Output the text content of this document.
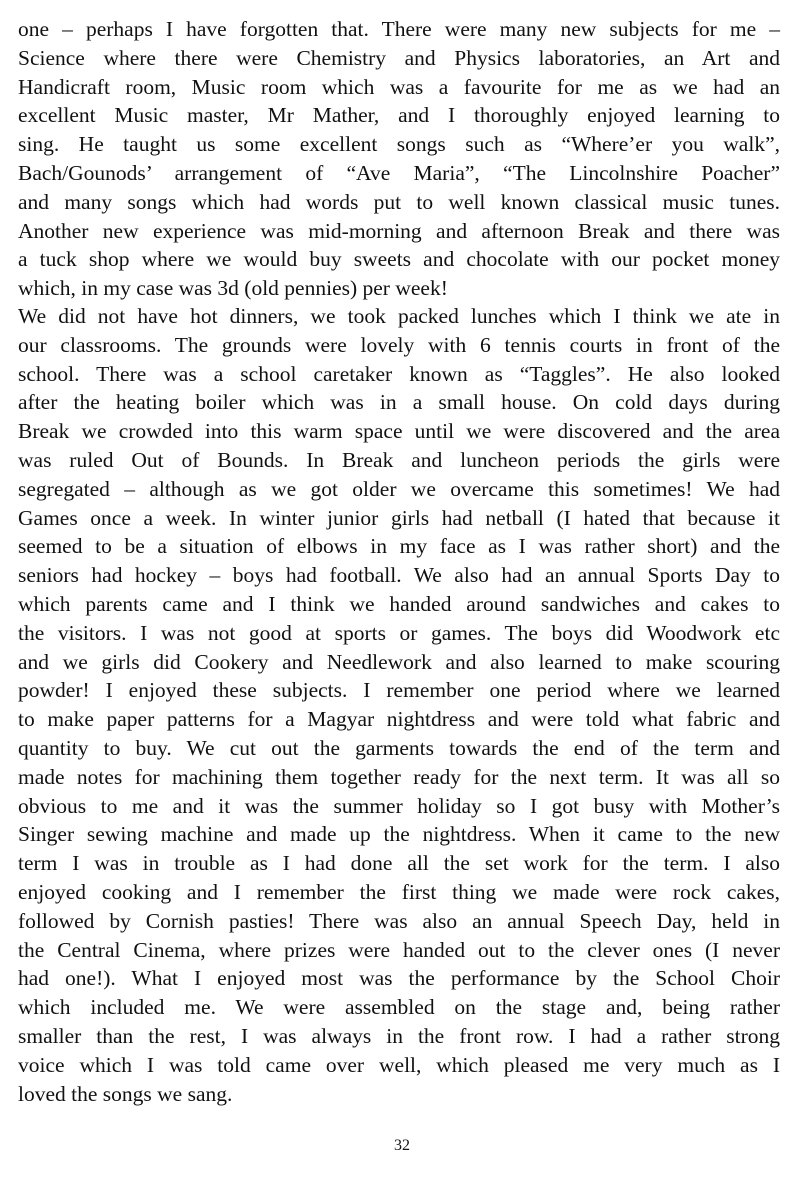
one – perhaps I have forgotten that. There were many new subjects for me –
Science where there were Chemistry and Physics laboratories, an Art and
Handicraft room, Music room which was a favourite for me as we had an
excellent Music master, Mr Mather, and I thoroughly enjoyed learning to
sing. He taught us some excellent songs such as “Where’er you walk”,
Bach/Gounods’ arrangement of “Ave Maria”, “The Lincolnshire Poacher”
and many songs which had words put to well known classical music tunes.
Another new experience was mid-morning and afternoon Break and there was
a tuck shop where we would buy sweets and chocolate with our pocket money
which, in my case was 3d (old pennies) per week!
We did not have hot dinners, we took packed lunches which I think we ate in
our classrooms. The grounds were lovely with 6 tennis courts in front of the
school. There was a school caretaker known as “Taggles”. He also looked
after the heating boiler which was in a small house. On cold days during
Break we crowded into this warm space until we were discovered and the area
was ruled Out of Bounds. In Break and luncheon periods the girls were
segregated – although as we got older we overcame this sometimes! We had
Games once a week. In winter junior girls had netball (I hated that because it
seemed to be a situation of elbows in my face as I was rather short) and the
seniors had hockey – boys had football. We also had an annual Sports Day to
which parents came and I think we handed around sandwiches and cakes to
the visitors. I was not good at sports or games. The boys did Woodwork etc
and we girls did Cookery and Needlework and also learned to make scouring
powder! I enjoyed these subjects. I remember one period where we learned
to make paper patterns for a Magyar nightdress and were told what fabric and
quantity to buy. We cut out the garments towards the end of the term and
made notes for machining them together ready for the next term. It was all so
obvious to me and it was the summer holiday so I got busy with Mother’s
Singer sewing machine and made up the nightdress. When it came to the new
term I was in trouble as I had done all the set work for the term. I also
enjoyed cooking and I remember the first thing we made were rock cakes,
followed by Cornish pasties! There was also an annual Speech Day, held in
the Central Cinema, where prizes were handed out to the clever ones (I never
had one!). What I enjoyed most was the performance by the School Choir
which included me. We were assembled on the stage and, being rather
smaller than the rest, I was always in the front row. I had a rather strong
voice which I was told came over well, which pleased me very much as I
loved the songs we sang.
32
